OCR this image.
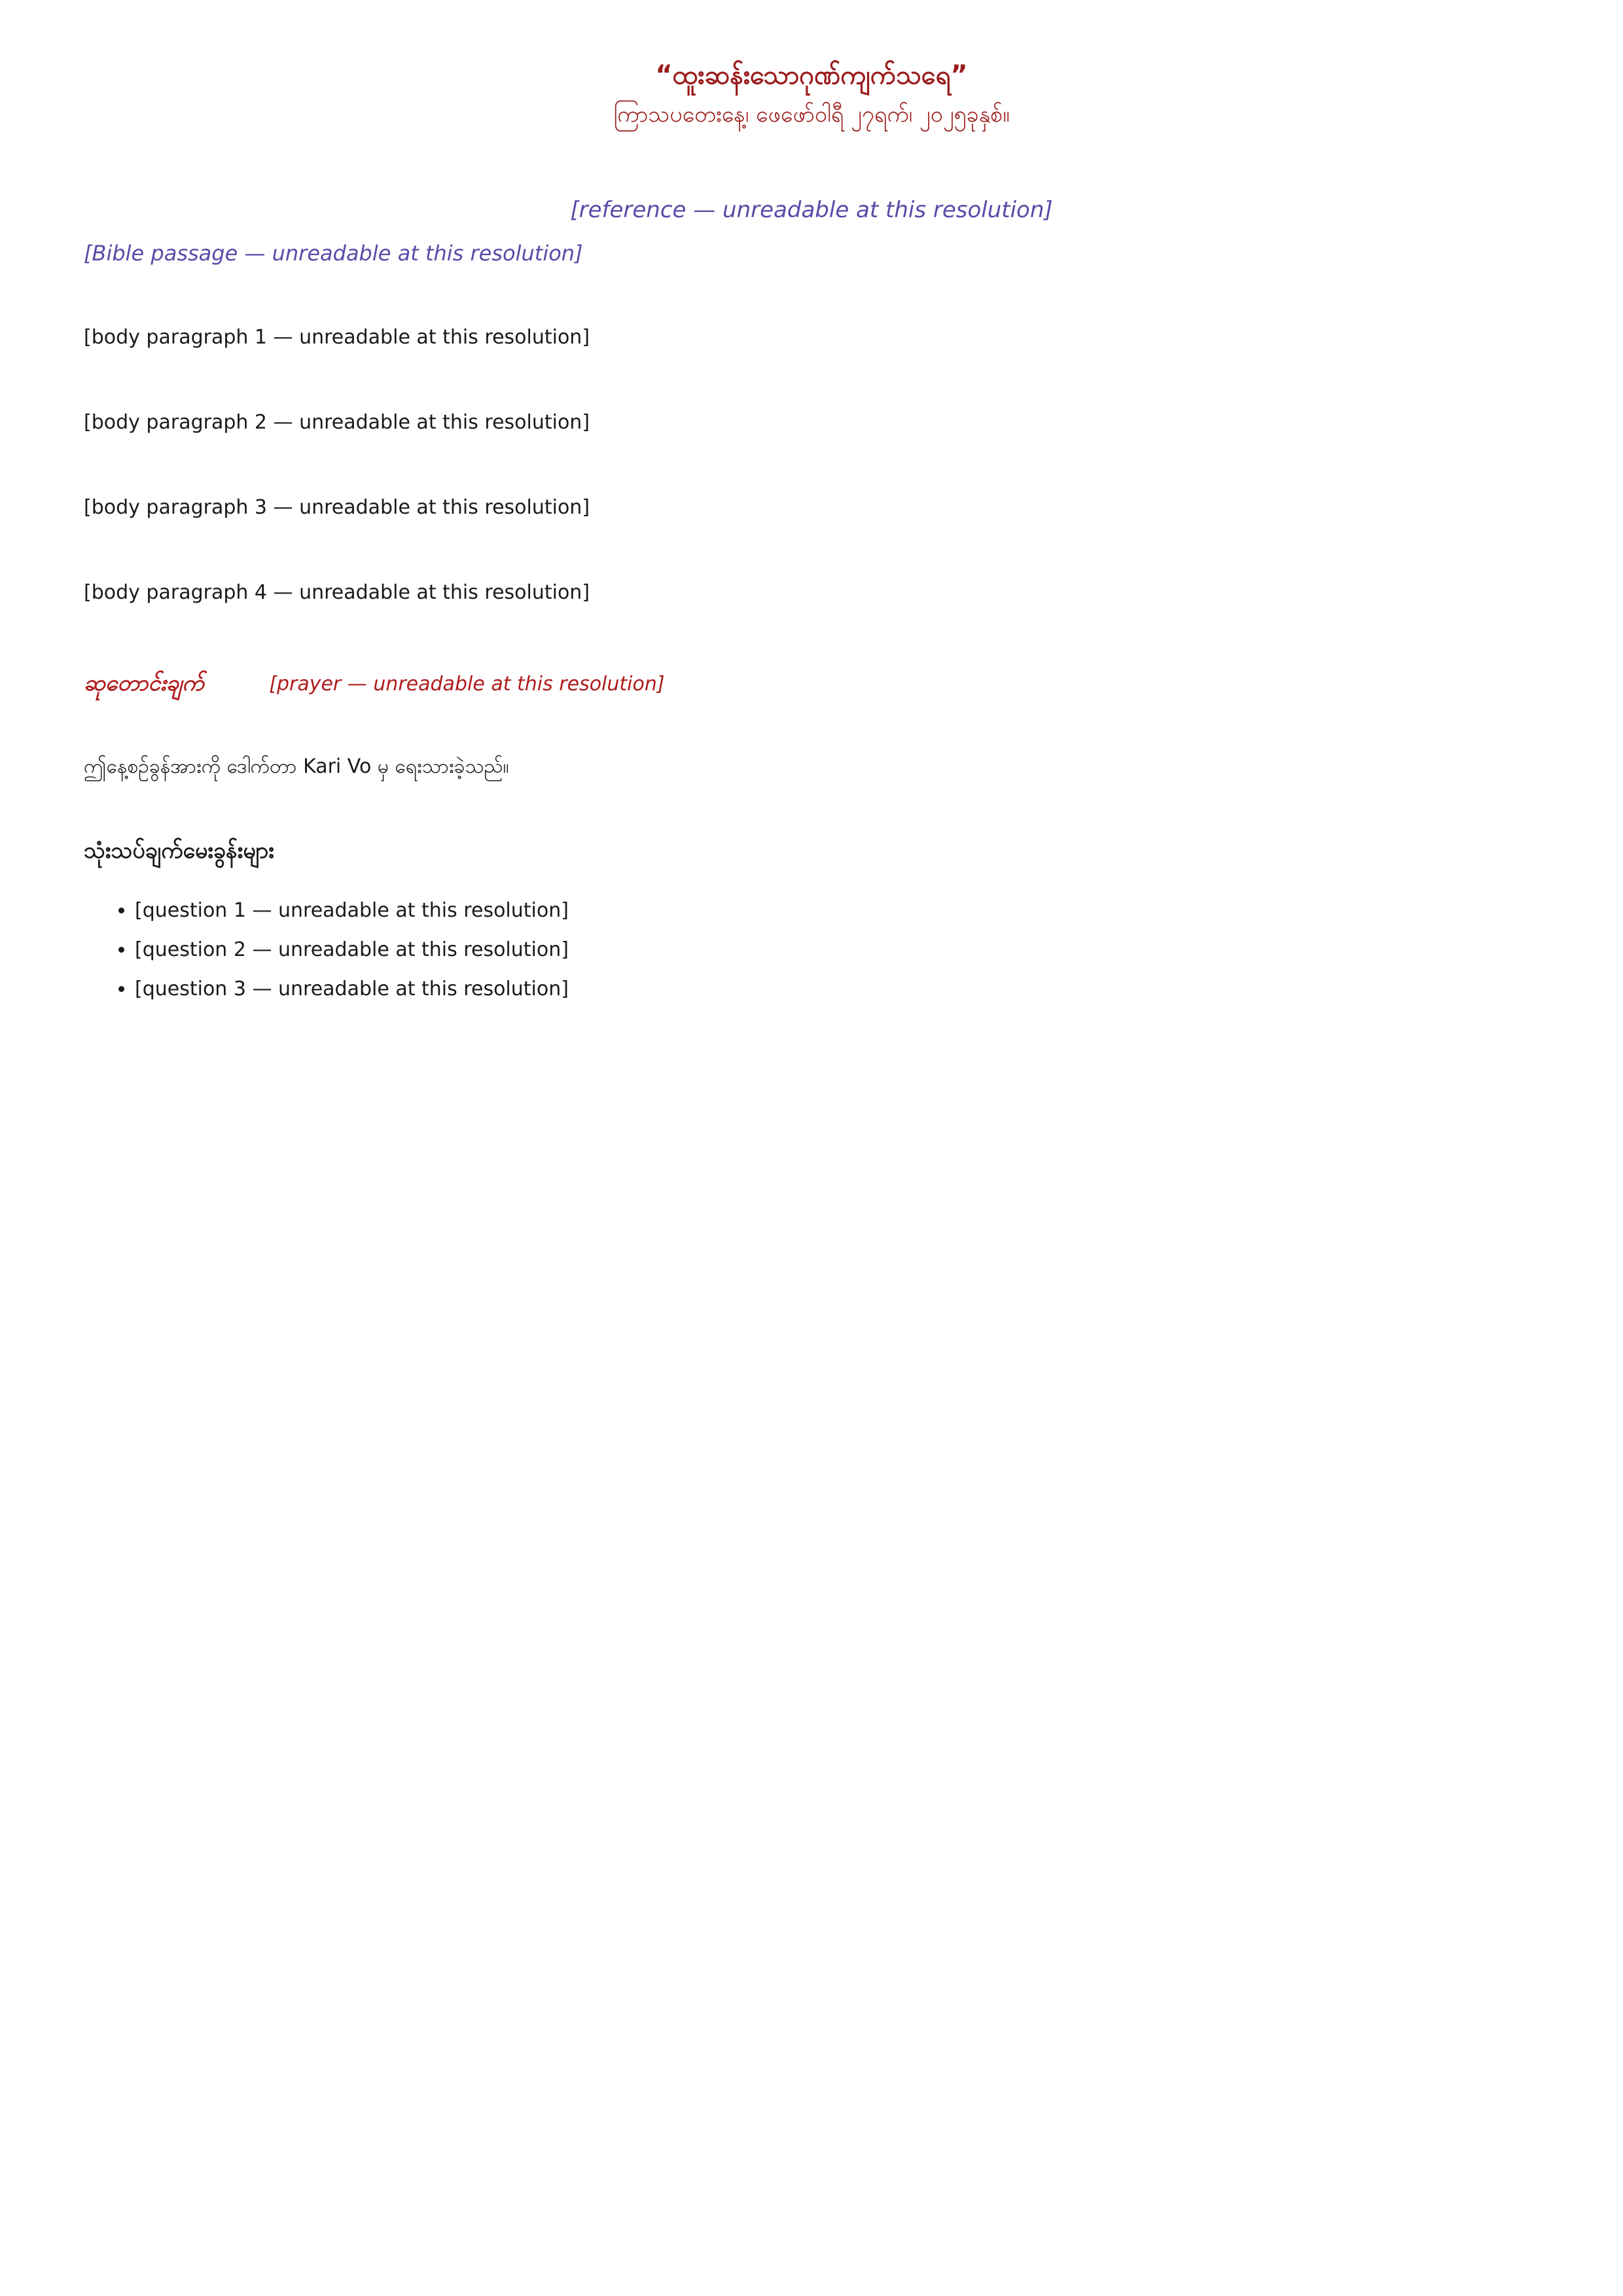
“ထူးဆန်းသောဂုဏ်ကျက်သရေ”

ကြာသပတေးနေ့၊ ဖေဖော်ဝါရီ ၂၇ရက်၊ ၂၀၂၅ခုနှစ်။

[reference — unreadable at this resolution]

[Bible passage — unreadable at this resolution]

[body paragraph 1 — unreadable at this resolution]

[body paragraph 2 — unreadable at this resolution]

[body paragraph 3 — unreadable at this resolution]

[body paragraph 4 — unreadable at this resolution]

ဆုတောင်းချက်	[prayer — unreadable at this resolution]

ဤနေ့စဉ်ခွန်အားကို ဒေါက်တာ Kari Vo မှ ရေးသားခဲ့သည်။

သုံးသပ်ချက်မေးခွန်းများ

• [question 1 — unreadable at this resolution]
• [question 2 — unreadable at this resolution]
• [question 3 — unreadable at this resolution]
